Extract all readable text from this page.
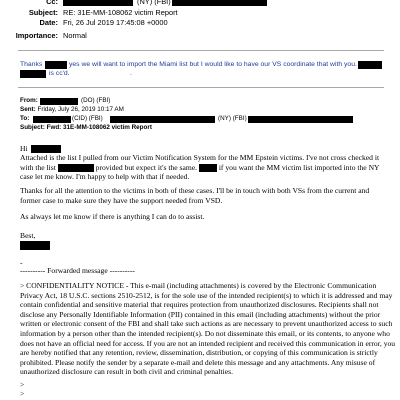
Cc:	(NY) (FBI)
Subject: RE: 31E-MM-108062 victim Report
Date: Fri, 26 Jul 2019 17:45:08 +0000
Importance: Normal
Thanks	yes we will want to import the Miami list but I would like to have our VS coordinate that with you.
is cc'd.	.
From:	(DO) (FBI)
Sent: Friday, July 26, 2019 10:17 AM
To:	(CID) (FBI)	(NY) (FBI)
Subject: Fwd: 31E-MM-108062 victim Report
Hi
Attached is the list I pulled from our Victim Notification System for the MM Epstein victims. I've not cross checked it with the list	provided but expect it's the same.	if you want the MM victim list imported into the NY case let me know. I'm happy to help with that if needed.
Thanks for all the attention to the victims in both of these cases. I'll be in touch with both VSs from the current and former case to make sure they have the support needed from VSD.
As always let me know if there is anything I can do to assist.
Best,
-
---------- Forwarded message ----------
> CONFIDENTIALITY NOTICE - This e-mail (including attachments) is covered by the Electronic Communication Privacy Act, 18 U.S.C. sections 2510-2512, is for the sole use of the intended recipient(s) to which it is addressed and may contain confidential and sensitive material that requires protection from unauthorized disclosures. Recipients shall not disclose any Personally Identifiable Information (PII) contained in this email (including attachments) without the prior written or electronic consent of the FBI and shall take such actions as are necessary to prevent unauthorized access to such information by a person other than the intended recipient(s). Do not disseminate this email, or its contents, to anyone who does not have an official need for access. If you are not an intended recipient and received this communication in error, you are hereby notified that any retention, review, dissemination, distribution, or copying of this communication is strictly prohibited. Please notify the sender by a separate e-mail and delete this message and any attachments. Any misuse of unauthorized disclosure can result in both civil and criminal penalties.
>
>
